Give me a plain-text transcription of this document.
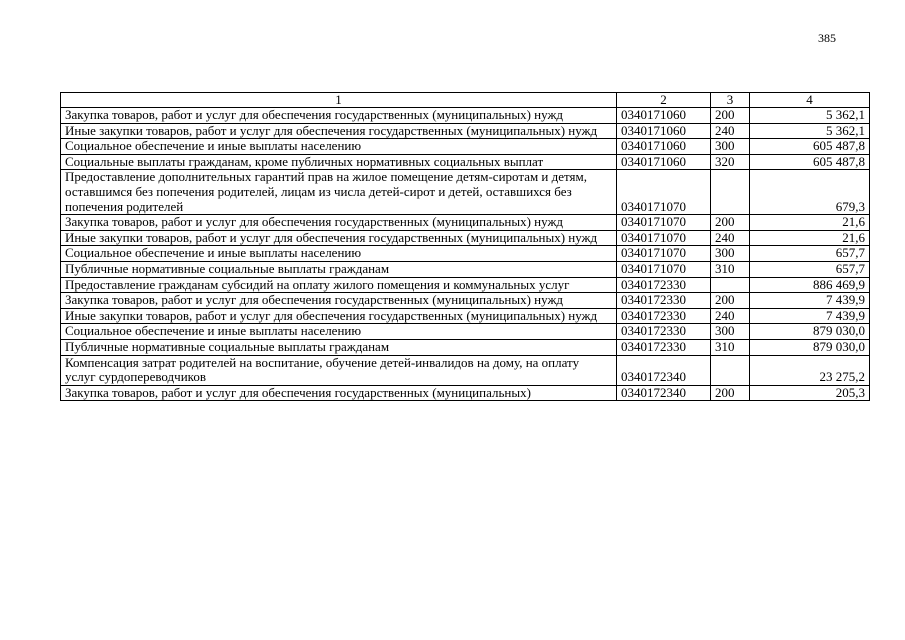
385
1	2	3	4
Закупка товаров, работ и услуг для обеспечения государственных (муниципальных) нужд	0340171060	200	5 362,1
Иные закупки товаров, работ и услуг для обеспечения государственных (муниципальных) нужд	0340171060	240	5 362,1
Социальное обеспечение и иные выплаты населению	0340171060	300	605 487,8
Социальные выплаты гражданам, кроме публичных нормативных социальных выплат	0340171060	320	605 487,8
Предоставление дополнительных гарантий прав на жилое помещение детям-сиротам и детям, оставшимся без попечения родителей, лицам из числа детей-сирот и детей, оставшихся без попечения родителей	0340171070		679,3
Закупка товаров, работ и услуг для обеспечения государственных (муниципальных) нужд	0340171070	200	21,6
Иные закупки товаров, работ и услуг для обеспечения государственных (муниципальных) нужд	0340171070	240	21,6
Социальное обеспечение и иные выплаты населению	0340171070	300	657,7
Публичные нормативные социальные выплаты гражданам	0340171070	310	657,7
Предоставление гражданам субсидий на оплату жилого помещения и коммунальных услуг	0340172330		886 469,9
Закупка товаров, работ и услуг для обеспечения государственных (муниципальных) нужд	0340172330	200	7 439,9
Иные закупки товаров, работ и услуг для обеспечения государственных (муниципальных) нужд	0340172330	240	7 439,9
Социальное обеспечение и иные выплаты населению	0340172330	300	879 030,0
Публичные нормативные социальные выплаты гражданам	0340172330	310	879 030,0
Компенсация затрат родителей на воспитание, обучение детей-инвалидов на дому, на оплату услуг сурдопереводчиков	0340172340		23 275,2
Закупка товаров, работ и услуг для обеспечения государственных (муниципальных)	0340172340	200	205,3
